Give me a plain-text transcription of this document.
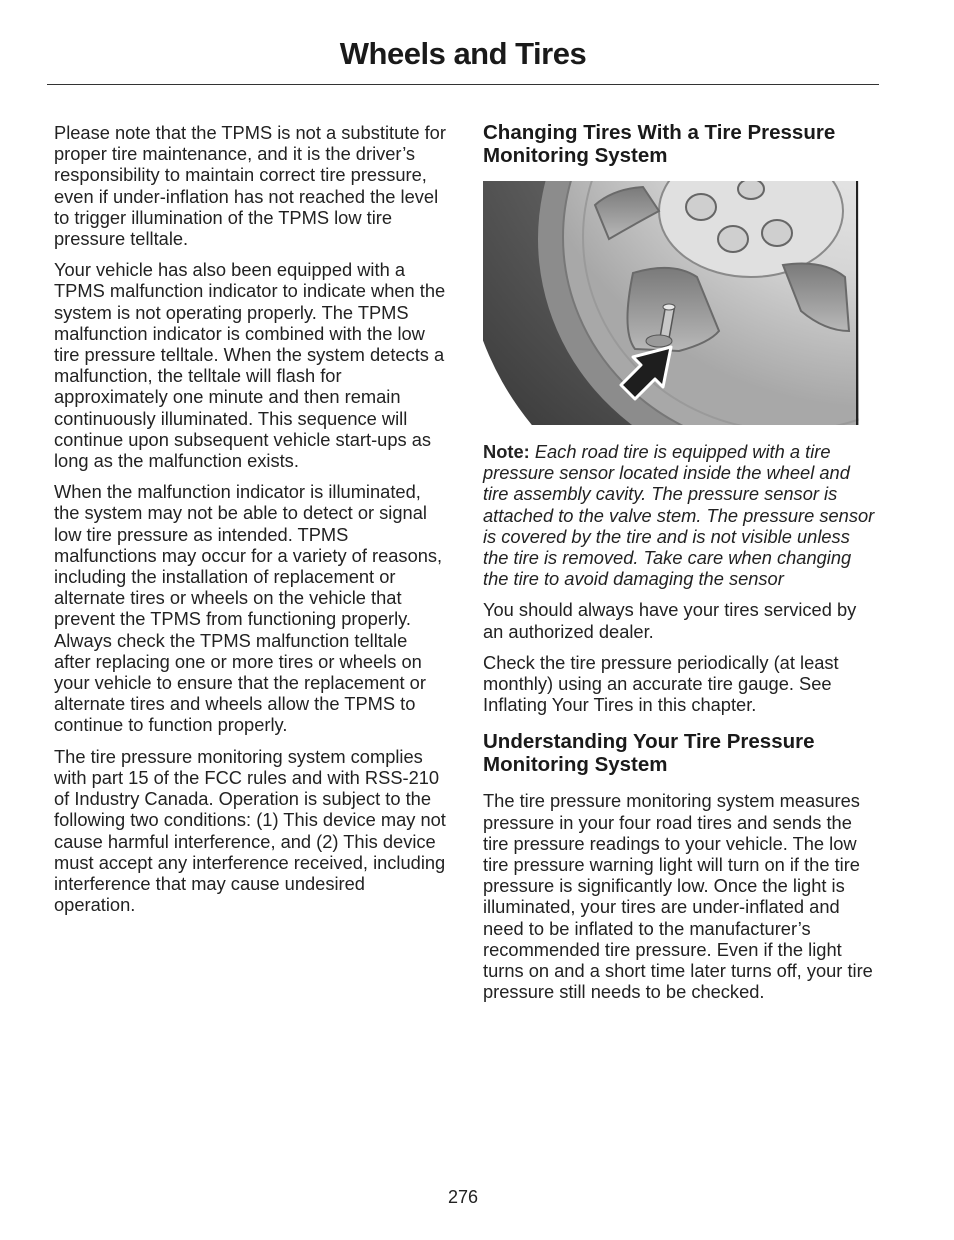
Wheels and Tires

Please note that the TPMS is not a substitute for proper tire maintenance, and it is the driver’s responsibility to maintain correct tire pressure, even if under-inflation has not reached the level to trigger illumination of the TPMS low tire pressure telltale.

Your vehicle has also been equipped with a TPMS malfunction indicator to indicate when the system is not operating properly. The TPMS malfunction indicator is combined with the low tire pressure telltale. When the system detects a malfunction, the telltale will flash for approximately one minute and then remain continuously illuminated. This sequence will continue upon subsequent vehicle start-ups as long as the malfunction exists.

When the malfunction indicator is illuminated, the system may not be able to detect or signal low tire pressure as intended. TPMS malfunctions may occur for a variety of reasons, including the installation of replacement or alternate tires or wheels on the vehicle that prevent the TPMS from functioning properly. Always check the TPMS malfunction telltale after replacing one or more tires or wheels on your vehicle to ensure that the replacement or alternate tires and wheels allow the TPMS to continue to function properly.

The tire pressure monitoring system complies with part 15 of the FCC rules and with RSS-210 of Industry Canada. Operation is subject to the following two conditions: (1) This device may not cause harmful interference, and (2) This device must accept any interference received, including interference that may cause undesired operation.

Changing Tires With a Tire Pressure Monitoring System

Note: Each road tire is equipped with a tire pressure sensor located inside the wheel and tire assembly cavity. The pressure sensor is attached to the valve stem. The pressure sensor is covered by the tire and is not visible unless the tire is removed. Take care when changing the tire to avoid damaging the sensor

You should always have your tires serviced by an authorized dealer.

Check the tire pressure periodically (at least monthly) using an accurate tire gauge. See Inflating Your Tires in this chapter.

Understanding Your Tire Pressure Monitoring System

The tire pressure monitoring system measures pressure in your four road tires and sends the tire pressure readings to your vehicle. The low tire pressure warning light will turn on if the tire pressure is significantly low. Once the light is illuminated, your tires are under-inflated and need to be inflated to the manufacturer’s recommended tire pressure. Even if the light turns on and a short time later turns off, your tire pressure still needs to be checked.

276
